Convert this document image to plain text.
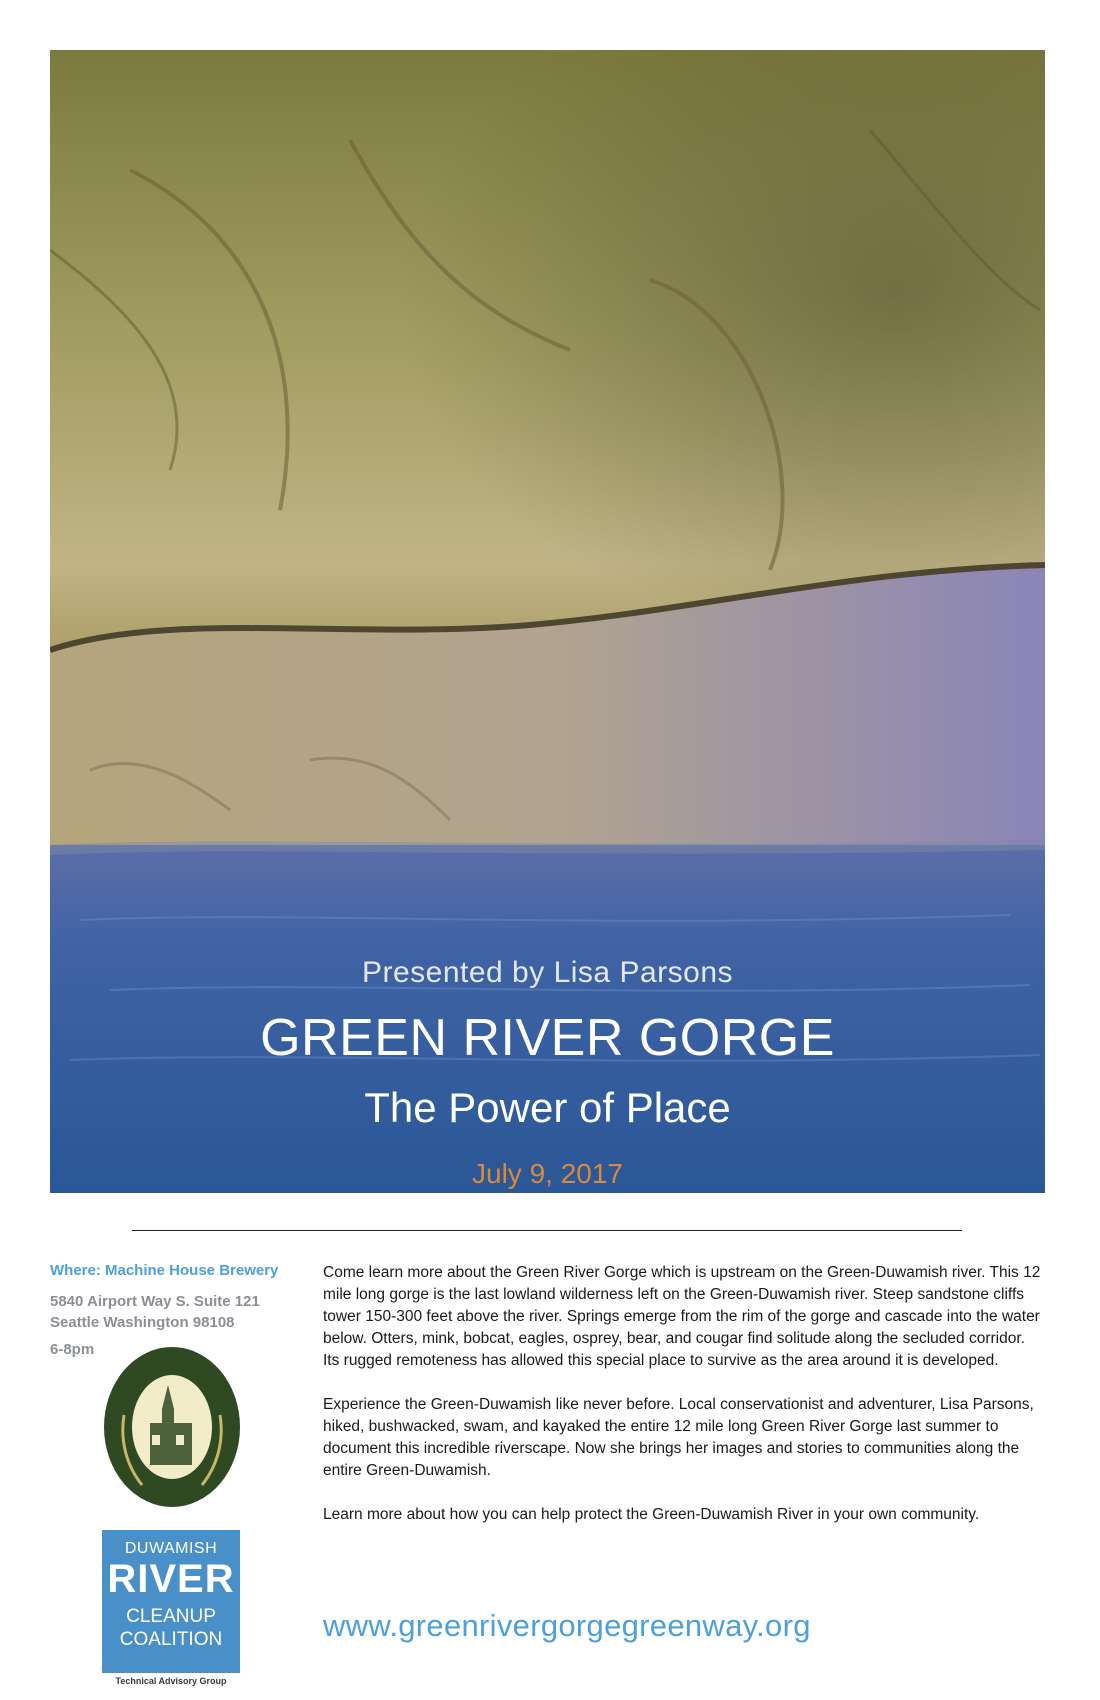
Presented by Lisa Parsons
GREEN RIVER GORGE
The Power of Place
July 9, 2017
Where: Machine House Brewery
5840 Airport Way S. Suite 121
Seattle Washington 98108
6-8pm
DUWAMISH
RIVER
CLEANUP
COALITION
Technical Advisory Group

Come learn more about the Green River Gorge which is upstream on the Green-Duwamish river. This 12 mile long gorge is the last lowland wilderness left on the Green-Duwamish river. Steep sandstone cliffs tower 150-300 feet above the river. Springs emerge from the rim of the gorge and cascade into the water below. Otters, mink, bobcat, eagles, osprey, bear, and cougar find solitude along the secluded corridor. Its rugged remoteness has allowed this special place to survive as the area around it is developed.

Experience the Green-Duwamish like never before. Local conservationist and adventurer, Lisa Parsons, hiked, bushwacked, swam, and kayaked the entire 12 mile long Green River Gorge last summer to document this incredible riverscape. Now she brings her images and stories to communities along the entire Green-Duwamish.

Learn more about how you can help protect the Green-Duwamish River in your own community.

www.greenrivergorgegreenway.org
